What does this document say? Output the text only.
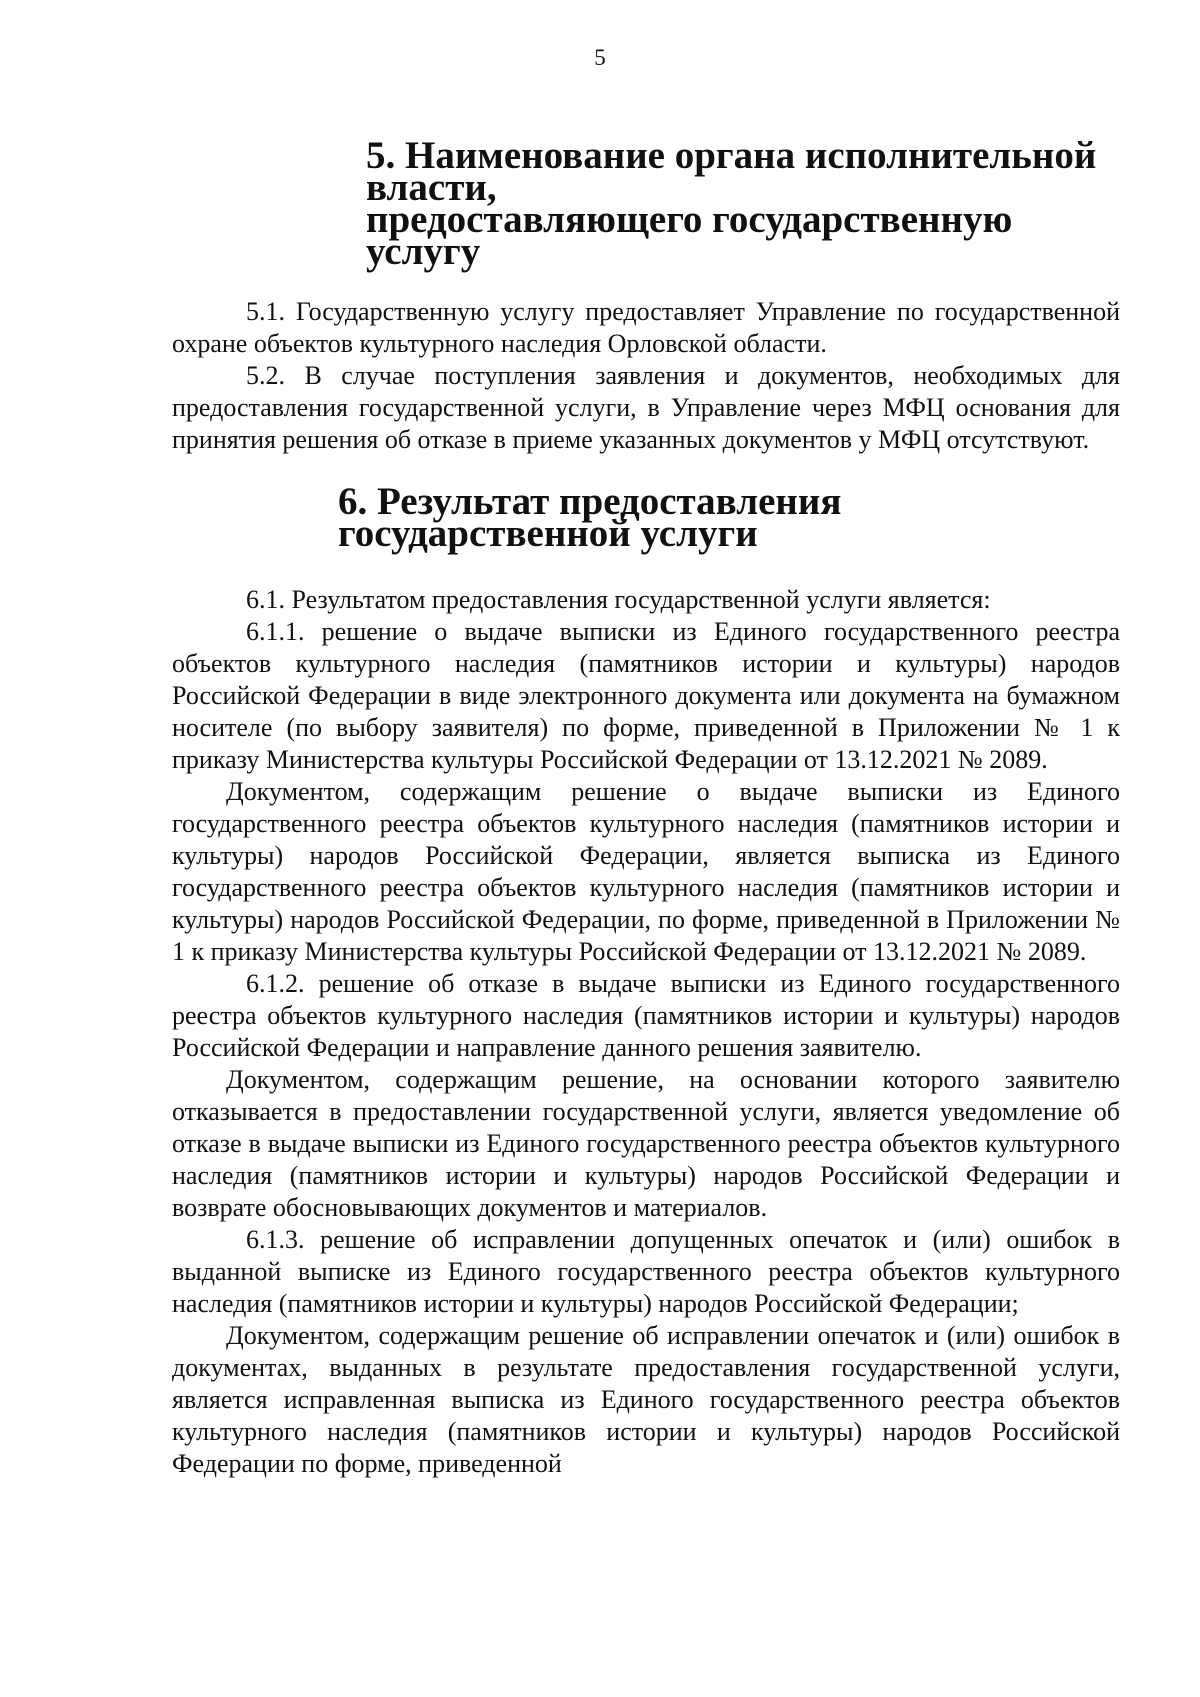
5
5. Наименование органа исполнительной власти,
предоставляющего государственную услугу

5.1. Государственную услугу предоставляет Управление по государственной охране объектов культурного наследия Орловской области.

5.2. В случае поступления заявления и документов, необходимых для предоставления государственной услуги, в Управление через МФЦ основания для принятия решения об отказе в приеме указанных документов у МФЦ отсутствуют.

6. Результат предоставления государственной услуги

6.1. Результатом предоставления государственной услуги является:

6.1.1. решение о выдаче выписки из Единого государственного реестра объектов культурного наследия (памятников истории и культуры) народов Российской Федерации в виде электронного документа или документа на бумажном носителе (по выбору заявителя) по форме, приведенной в Приложении № 1 к приказу Министерства культуры Российской Федерации от 13.12.2021 № 2089.

Документом, содержащим решение о выдаче выписки из Единого государственного реестра объектов культурного наследия (памятников истории и культуры) народов Российской Федерации, является выписка из Единого государственного реестра объектов культурного наследия (памятников истории и культуры) народов Российской Федерации, по форме, приведенной в Приложении № 1 к приказу Министерства культуры Российской Федерации от 13.12.2021 № 2089.

6.1.2. решение об отказе в выдаче выписки из Единого государственного реестра объектов культурного наследия (памятников истории и культуры) народов Российской Федерации и направление данного решения заявителю.

Документом, содержащим решение, на основании которого заявителю отказывается в предоставлении государственной услуги, является уведомление об отказе в выдаче выписки из Единого государственного реестра объектов культурного наследия (памятников истории и культуры) народов Российской Федерации и возврате обосновывающих документов и материалов.

6.1.3. решение об исправлении допущенных опечаток и (или) ошибок в выданной выписке из Единого государственного реестра объектов культурного наследия (памятников истории и культуры) народов Российской Федерации;

Документом, содержащим решение об исправлении опечаток и (или) ошибок в документах, выданных в результате предоставления государственной услуги, является исправленная выписка из Единого государственного реестра объектов культурного наследия (памятников истории и культуры) народов Российской Федерации по форме, приведенной
